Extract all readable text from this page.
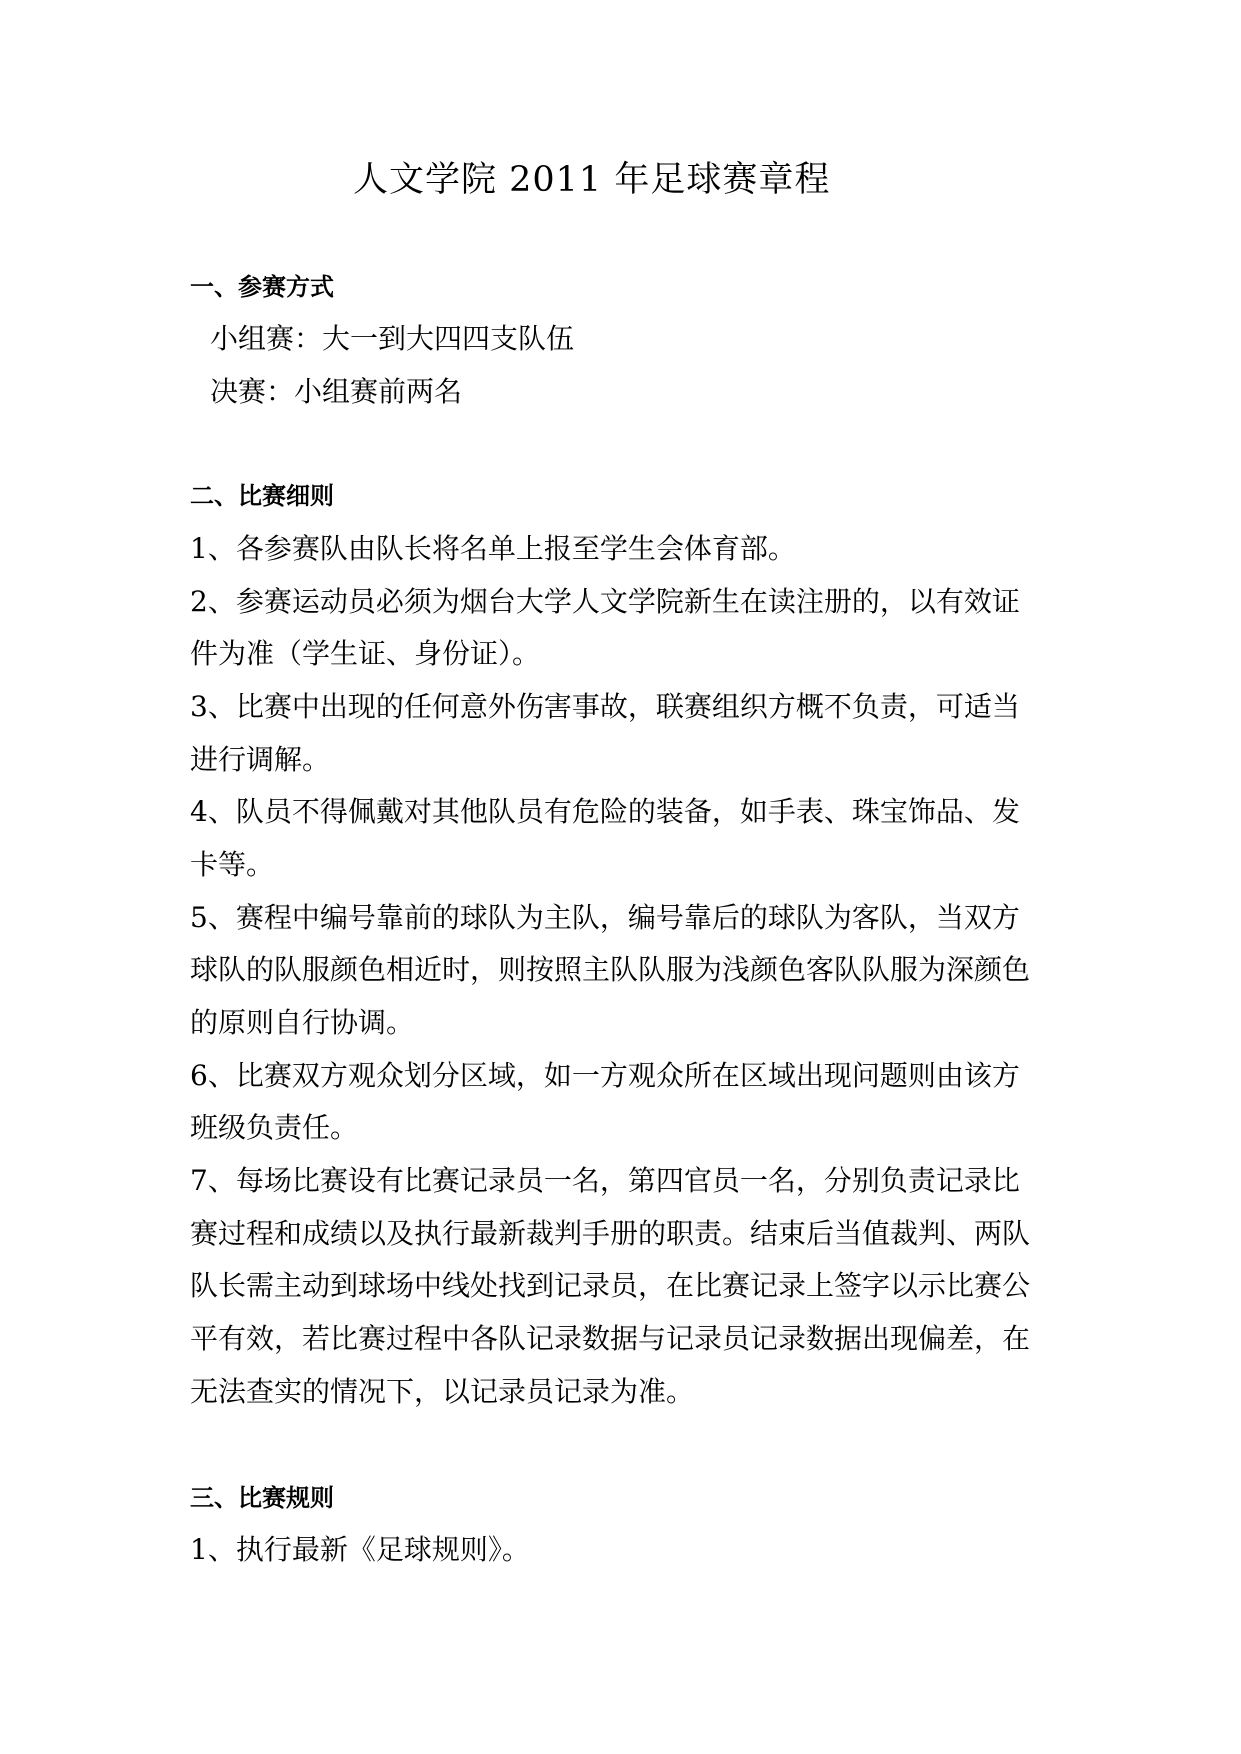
人文学院 2011 年足球赛章程
一、参赛方式
小组赛：大一到大四四支队伍
决赛：小组赛前两名
二、比赛细则
1、各参赛队由队长将名单上报至学生会体育部。
2、参赛运动员必须为烟台大学人文学院新生在读注册的，以有效证
件为准（学生证、身份证）。
3、比赛中出现的任何意外伤害事故，联赛组织方概不负责，可适当
进行调解。
4、队员不得佩戴对其他队员有危险的装备，如手表、珠宝饰品、发
卡等。
5、赛程中编号靠前的球队为主队，编号靠后的球队为客队，当双方
球队的队服颜色相近时，则按照主队队服为浅颜色客队队服为深颜色
的原则自行协调。
6、比赛双方观众划分区域，如一方观众所在区域出现问题则由该方
班级负责任。
7、每场比赛设有比赛记录员一名，第四官员一名，分别负责记录比
赛过程和成绩以及执行最新裁判手册的职责。结束后当值裁判、两队
队长需主动到球场中线处找到记录员，在比赛记录上签字以示比赛公
平有效，若比赛过程中各队记录数据与记录员记录数据出现偏差，在
无法查实的情况下，以记录员记录为准。
三、比赛规则
1、执行最新《足球规则》。
